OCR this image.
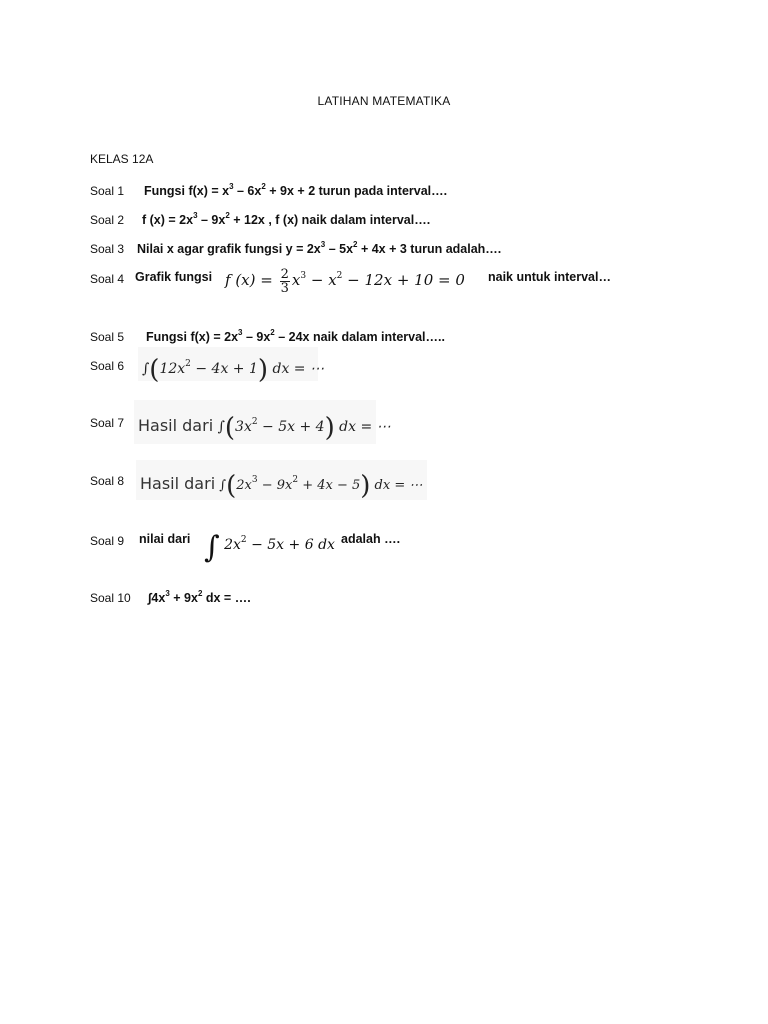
LATIHAN MATEMATIKA
KELAS 12A
Soal 1 Fungsi $f(x) = x^3 - 6x^2 + 9x + 2$ turun pada interval….
Soal 2 f $(x) = 2x^3 - 9x^2 + 12x$ , f (x) naik dalam interval….
Soal 3 Nilai x agar grafik fungsi $y = 2x^3 - 5x^2 + 4x + 3$ turun adalah….
Soal 4 Grafik fungsi f $(x) = \frac{2}{3} x^3 - x^2 - 12x + 10 = 0$ naik untuk interval…
Soal 5 Fungsi $f(x) = 2x^3 - 9x^2 - 24x$ naik dalam interval…..
Soal 6 $\int(12x^2 - 4x + 1)$ dx = ⋯
Soal 7 Hasil dari $\int(3x^2 - 5x + 4)$ dx = ⋯
Soal 8 Hasil dari $\int(2x^3 - 9x^2 + 4x - 5)$ dx = ⋯
Soal 9 nilai dari ∫ $2x^2 - 5x + 6$ dx adalah ….
Soal 10 $\int 4x^3 + 9x^2$ dx = ….
